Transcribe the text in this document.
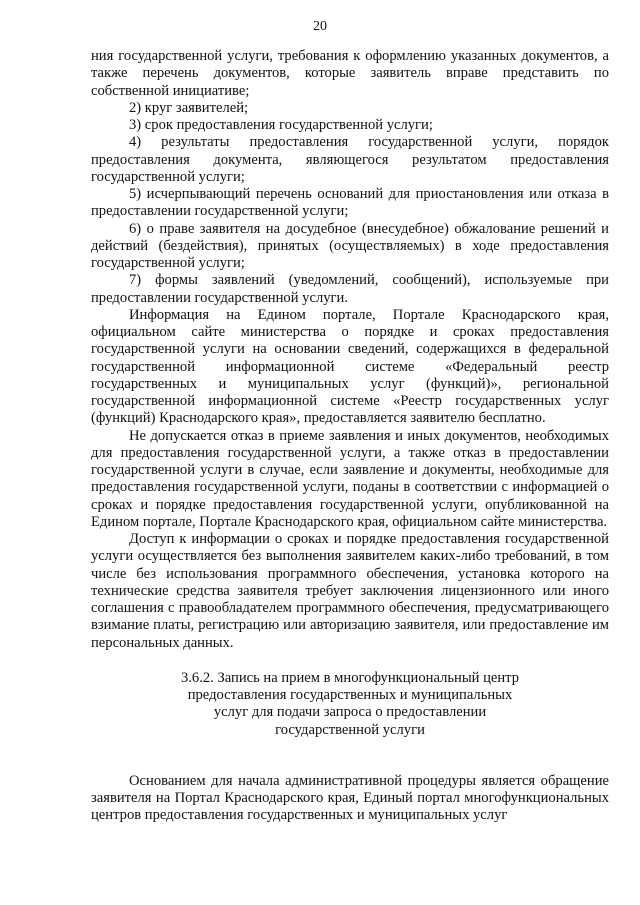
20

ния государственной услуги, требования к оформлению указанных документов, а также перечень документов, которые заявитель вправе представить по собственной инициативе;

2) круг заявителей;

3) срок предоставления государственной услуги;

4) результаты предоставления государственной услуги, порядок предоставления документа, являющегося результатом предоставления государственной услуги;

5) исчерпывающий перечень оснований для приостановления или отказа в предоставлении государственной услуги;

6) о праве заявителя на досудебное (внесудебное) обжалование решений и действий (бездействия), принятых (осуществляемых) в ходе предоставления государственной услуги;

7) формы заявлений (уведомлений, сообщений), используемые при предоставлении государственной услуги.

Информация на Едином портале, Портале Краснодарского края, официальном сайте министерства о порядке и сроках предоставления государственной услуги на основании сведений, содержащихся в федеральной государственной информационной системе «Федеральный реестр государственных и муниципальных услуг (функций)», региональной государственной информационной системе «Реестр государственных услуг (функций) Краснодарского края», предоставляется заявителю бесплатно.

Не допускается отказ в приеме заявления и иных документов, необходимых для предоставления государственной услуги, а также отказ в предоставлении государственной услуги в случае, если заявление и документы, необходимые для предоставления государственной услуги, поданы в соответствии с информацией о сроках и порядке предоставления государственной услуги, опубликованной на Едином портале, Портале Краснодарского края, официальном сайте министерства.

Доступ к информации о сроках и порядке предоставления государственной услуги осуществляется без выполнения заявителем каких-либо требований, в том числе без использования программного обеспечения, установка которого на технические средства заявителя требует заключения лицензионного или иного соглашения с правообладателем программного обеспечения, предусматривающего взимание платы, регистрацию или авторизацию заявителя, или предоставление им персональных данных.

3.6.2. Запись на прием в многофункциональный центр
предоставления государственных и муниципальных
услуг для подачи запроса о предоставлении
государственной услуги

Основанием для начала административной процедуры является обращение заявителя на Портал Краснодарского края, Единый портал многофункциональных центров предоставления государственных и муниципальных услуг
